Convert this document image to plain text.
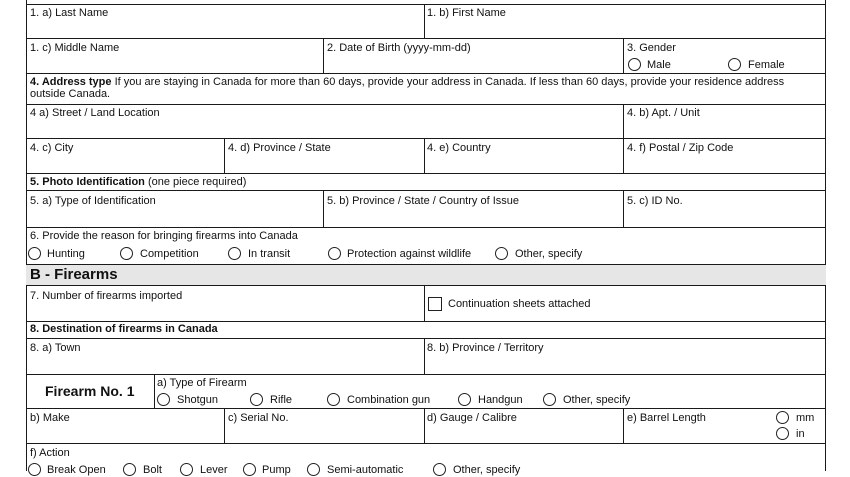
1. a) Last Name	1. b) First Name
1. c) Middle Name	2. Date of Birth (yyyy-mm-dd)	3. Gender
Male	Female
4. Address type If you are staying in Canada for more than 60 days, provide your address in Canada. If less than 60 days, provide your residence address
outside Canada.
4 a) Street / Land Location	4. b) Apt. / Unit
4. c) City	4. d) Province / State	4. e) Country	4. f) Postal / Zip Code
5. Photo Identification (one piece required)
5. a) Type of Identification	5. b) Province / State / Country of Issue	5. c) ID No.
6. Provide the reason for bringing firearms into Canada
Hunting	Competition	In transit	Protection against wildlife	Other, specify
B - Firearms
7. Number of firearms imported
Continuation sheets attached
8. Destination of firearms in Canada
8. a) Town	8. b) Province / Territory
Firearm No. 1 a) Type of Firearm
Shotgun	Rifle	Combination gun	Handgun	Other, specify
b) Make	c) Serial No.	d) Gauge / Calibre	e) Barrel Length	mm
in
f) Action
Break Open	Bolt	Lever	Pump	Semi-automatic	Other, specify
